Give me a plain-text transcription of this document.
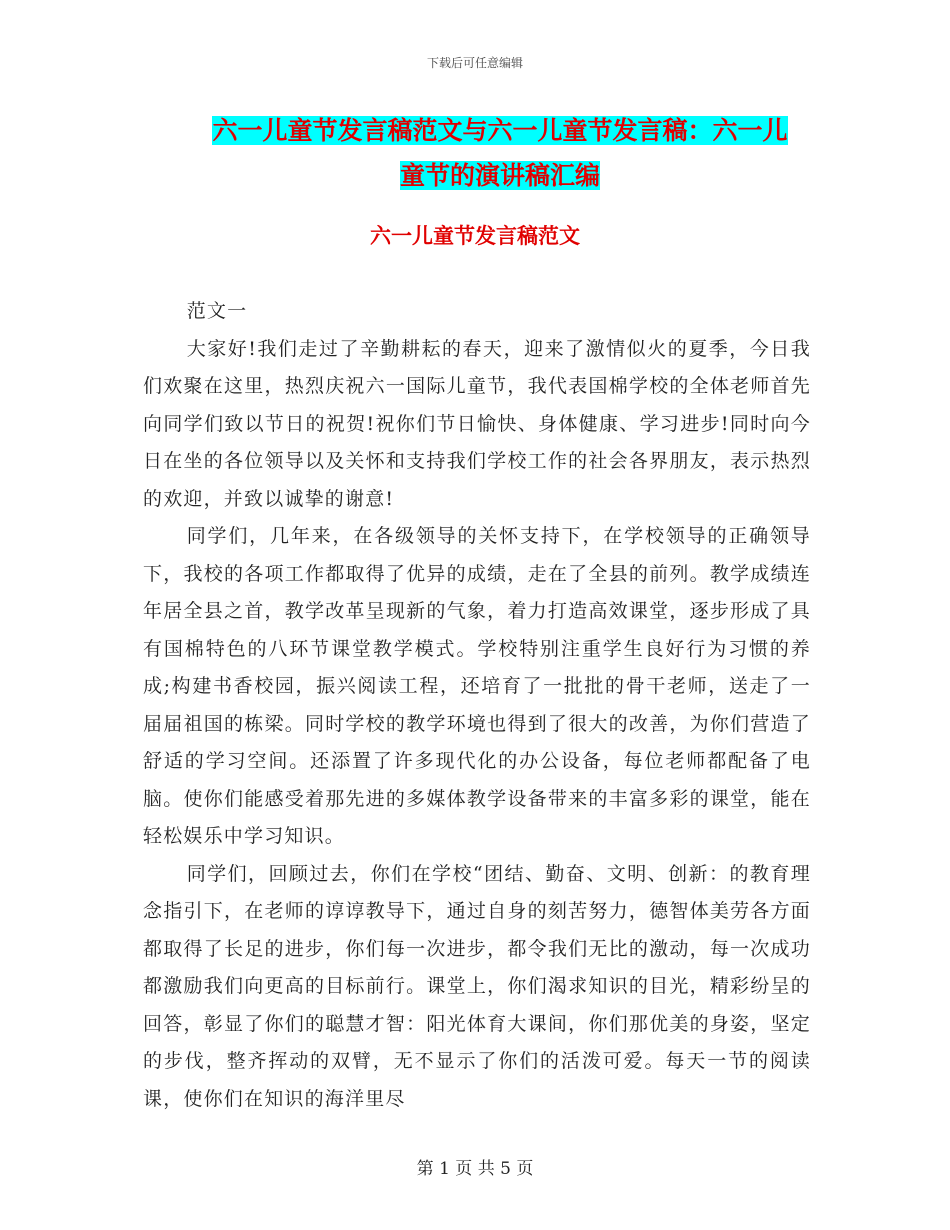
下载后可任意编辑
六一儿童节发言稿范文与六一儿童节发言稿：六一儿
童节的演讲稿汇编
六一儿童节发言稿范文

范文一

大家好!我们走过了辛勤耕耘的春天，迎来了激情似火的夏季，今日我们欢聚在这里，热烈庆祝六一国际儿童节，我代表国棉学校的全体老师首先向同学们致以节日的祝贺!祝你们节日愉快、身体健康、学习进步!同时向今日在坐的各位领导以及关怀和支持我们学校工作的社会各界朋友，表示热烈的欢迎，并致以诚挚的谢意!

同学们，几年来，在各级领导的关怀支持下，在学校领导的正确领导下，我校的各项工作都取得了优异的成绩，走在了全县的前列。教学成绩连年居全县之首，教学改革呈现新的气象，着力打造高效课堂，逐步形成了具有国棉特色的八环节课堂教学模式。学校特别注重学生良好行为习惯的养成;构建书香校园，振兴阅读工程，还培育了一批批的骨干老师，送走了一届届祖国的栋梁。同时学校的教学环境也得到了很大的改善，为你们营造了舒适的学习空间。还添置了许多现代化的办公设备，每位老师都配备了电脑。使你们能感受着那先进的多媒体教学设备带来的丰富多彩的课堂，能在轻松娱乐中学习知识。

同学们，回顾过去，你们在学校“团结、勤奋、文明、创新：的教育理念指引下，在老师的谆谆教导下，通过自身的刻苦努力，德智体美劳各方面都取得了长足的进步，你们每一次进步，都令我们无比的激动，每一次成功都激励我们向更高的目标前行。课堂上，你们渴求知识的目光，精彩纷呈的回答，彰显了你们的聪慧才智：阳光体育大课间，你们那优美的身姿，坚定的步伐，整齐挥动的双臂，无不显示了你们的活泼可爱。每天一节的阅读课，使你们在知识的海洋里尽

第 1 页 共 5 页
